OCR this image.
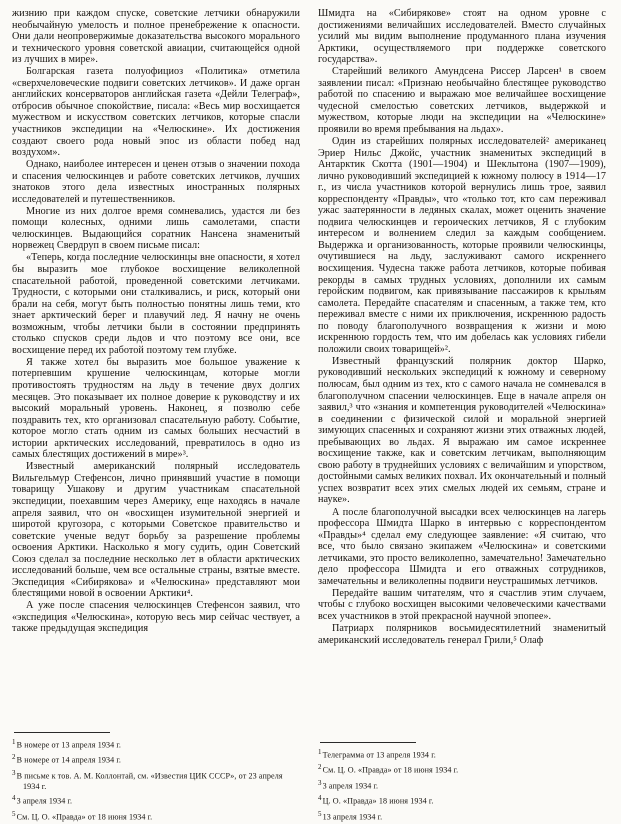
жизнию при каждом спуске, советские летчики обнаружили необычайную умелость и полное пренебрежение к опасности. Они дали неопровержимые доказательства высокого морального и технического уровня советской авиации, считающейся одной из лучших в мире».

Болгарская газета полуофициоз «Политика» отметила «сверхчеловеческие подвиги советских летчиков». И даже орган английских консерваторов английская газета «Дейли Телеграф», отбросив обычное спокойствие, писала: «Весь мир восхищается мужеством и искусством советских летчиков, которые спасли участников экспедиции на «Челюскине». Их достижения создают своего рода новый эпос из области побед над воздухом».

Однако, наиболее интересен и ценен отзыв о значении похода и спасения челюскинцев и работе советских летчиков, лучших знатоков этого дела известных иностранных полярных исследователей и путешественников.

Многие из них долгое время сомневались, удастся ли без помощи колесных, одними лишь самолетами, спасти челюскинцев. Выдающийся соратник Нансена знаменитый норвежец Свердруп в своем письме писал:

«Теперь, когда последние челюскинцы вне опасности, я хотел бы выразить мое глубокое восхищение великолепной спасательной работой, проведенной советскими летчиками. Трудности, с которыми они сталкивались, и риск, который они брали на себя, могут быть полностью понятны лишь теми, кто знает арктический берег и плавучий лед. Я начну не очень возможным, чтобы летчики были в состоянии предпринять столько спусков среди льдов и что поэтому все они, все восхищение перед их работой поэтому тем глубже.

Я также хотел бы выразить мое большое уважение к потерпевшим крушение челюскинцам, которые могли противостоять трудностям на льду в течение двух долгих месяцев. Это показывает их полное доверие к руководству и их высокий моральный уровень. Наконец, я позволю себе поздравить тех, кто организовал спасательную работу. Событие, которое могло стать одним из самых больших несчастий в истории арктических исследований, превратилось в одно из самых блестящих достижений в мире»³.

Известный американский полярный исследователь Вильгельмур Стефенсон, лично принявший участие в помощи товарищу Ушакову и другим участникам спасательной экспедиции, поехавшим через Америку, еще находясь в начале апреля заявил, что он «восхищен изумительной энергией и широтой кругозора, с которыми Советское правительство и советские ученые ведут борьбу за разрешение проблемы освоения Арктики. Насколько я могу судить, один Советский Союз сделал за последние несколько лет в области арктических исследований больше, чем все остальные страны, взятые вместе. Экспедиция «Сибирякова» и «Челюскина» представляют мои блестящими новой в освоении Арктики⁴.

А уже после спасения челюскинцев Стефенсон заявил, что «экспедиция «Челюскина», которую весь мир сейчас чествует, а также предыдущая экспедиция

$^1$В номере от 13 апреля 1934 г.

$^2$В номере от 14 апреля 1934 г.

$^3$В письме к тов. А. М. Коллонтай, см. «Известия ЦИК СССР», от 23 апреля 1934 г.

$^4$3 апреля 1934 г.

$^5$См. Ц. О. «Правда» от 18 июня 1934 г.

Шмидта на «Сибирякове» стоят на одном уровне с достижениями величайших исследователей. Вместо случайных усилий мы видим выполнение продуманного плана изучения Арктики, осуществляемого при поддержке советского государства».

Старейший великого Амундсена Риссер Ларсен¹ в своем заявлении писал: «Признаю необычайно блестящее руководство работой по спасению и выражаю мое величайшее восхищение чудесной смелостью советских летчиков, выдержкой и мужеством, которые люди на экспедиции на «Челюскине» проявили во время пребывания на льдах».

Один из старейших полярных исследователей² американец Эриер Нильс Джойс, участник знаменитых экспедиций в Антарктик Скотта (1901—1904) и Шеклытона (1907—1909), лично руководивший экспедицией к южному полюсу в 1914—17 г., из числа участников которой вернулись лишь трое, заявил корреспонденту «Правды», что «только тот, кто сам переживал ужас заатерянности в ледяных скалах, может оценить значение подвига челюскинцев и героических летчиков, Я с глубоким интересом и волнением следил за каждым сообщением. Выдержка и организованность, которые проявили челюскинцы, очутившиеся на льду, заслуживают самого искреннего восхищения. Чудесна также работа летчиков, которые побивая рекорды в самых трудных условиях, дополнили их самым геройским подвигом, как привязывание пассажиров к крыльям самолета. Передайте спасателям и спасенным, а также тем, кто переживал вместе с ними их приключения, искреннюю радость по поводу благополучного возвращения к жизни и мою искреннюю гордость тем, что им добелась как условиях гибели положили своих товарищей»².

Известный французский полярник доктор Шарко, руководивший нескольких экспедиций к южному и северному полюсам, был одним из тех, кто с самого начала не сомневался в благополучном спасении челюскинцев. Еще в начале апреля он заявил,³ что «знания и компетенция руководителей «Челюскина» в соединении с физической силой и моральной энергией зимующих спасенных и сохраняют жизни этих отважных людей, пребывающих во льдах. Я выражаю им самое искреннее восхищение также, как и советским летчикам, выполняющим свою работу в труднейших условиях с величайшим и упорством, достойными самых великих похвал. Их окончательный и полный успех возвратит всех этих смелых людей их семьям, стране и науке».

А после благополучной высадки всех челюскинцев на лагерь профессора Шмидта Шарко в интервью с корреспондентом «Правды»⁴ сделал ему следующее заявление: «Я считаю, что все, что было связано экипажем «Челюскина» и советскими летчиками, это просто великолепно, замечательно! Замечательно дело профессора Шмидта и его отважных сотрудников, замечательны и великолепны подвиги неустрашимых летчиков.

Передайте вашим читателям, что я счастлив этим случаем, чтобы с глубоко восхищен высокими человеческими качествами всех участников в этой прекрасной научной эпопее».

Патриарх полярников восьмидесятилетний знаменитый американский исследователь генерал Грили,⁵ Олаф

$^1$Телеграмма от 13 апреля 1934 г.

$^2$См. Ц. О. «Правда» от 18 июня 1934 г.

$^3$3 апреля 1934 г.

$^4$Ц. О. «Правда» 18 июня 1934 г.

$^5$13 апреля 1934 г.
